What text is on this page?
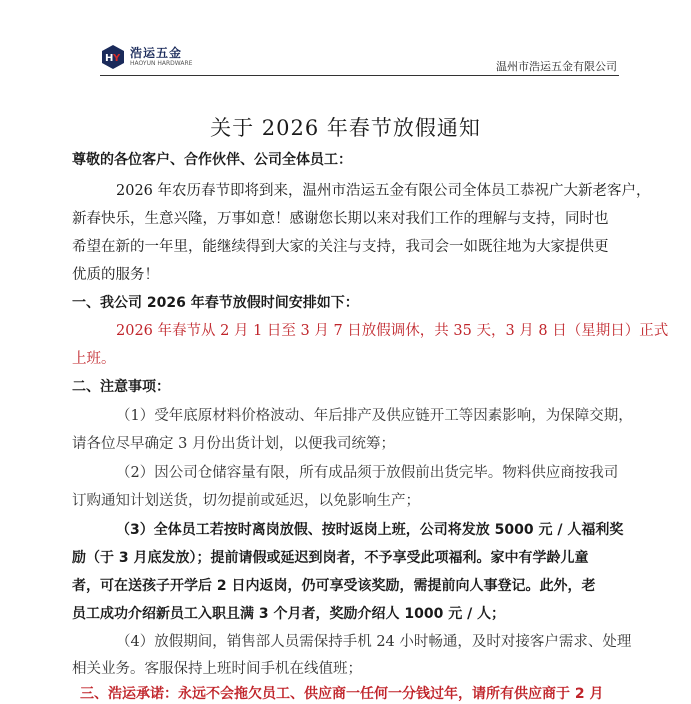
H Y 浩运五金
HAOYUN HARDWARE	温州市浩运五金有限公司
关于 2026 年春节放假通知
尊敬的各位客户、合作伙伴、公司全体员工：
2026 年农历春节即将到来，温州市浩运五金有限公司全体员工恭祝广大新老客户，
新春快乐，生意兴隆，万事如意！感谢您长期以来对我们工作的理解与支持，同时也
希望在新的一年里，能继续得到大家的关注与支持，我司会一如既往地为大家提供更
优质的服务！
一、我公司 2026 年春节放假时间安排如下：
2026 年春节从 2 月 1 日至 3 月 7 日放假调休，共 35 天，3 月 8 日（星期日）正式
上班。
二、注意事项：
（1）受年底原材料价格波动、年后排产及供应链开工等因素影响，为保障交期，
请各位尽早确定 3 月份出货计划，以便我司统筹；
（2）因公司仓储容量有限，所有成品须于放假前出货完毕。物料供应商按我司
订购通知计划送货，切勿提前或延迟，以免影响生产；
（3）全体员工若按时离岗放假、按时返岗上班，公司将发放 5000 元 / 人福利奖
励（于 3 月底发放）；提前请假或延迟到岗者，不予享受此项福利。家中有学龄儿童
者，可在送孩子开学后 2 日内返岗，仍可享受该奖励，需提前向人事登记。此外，老
员工成功介绍新员工入职且满 3 个月者，奖励介绍人 1000 元 / 人；
（4）放假期间，销售部人员需保持手机 24 小时畅通，及时对接客户需求、处理
相关业务。客服保持上班时间手机在线值班；
三、浩运承诺：永远不会拖欠员工、供应商一任何一分钱过年，请所有供应商于 2 月
